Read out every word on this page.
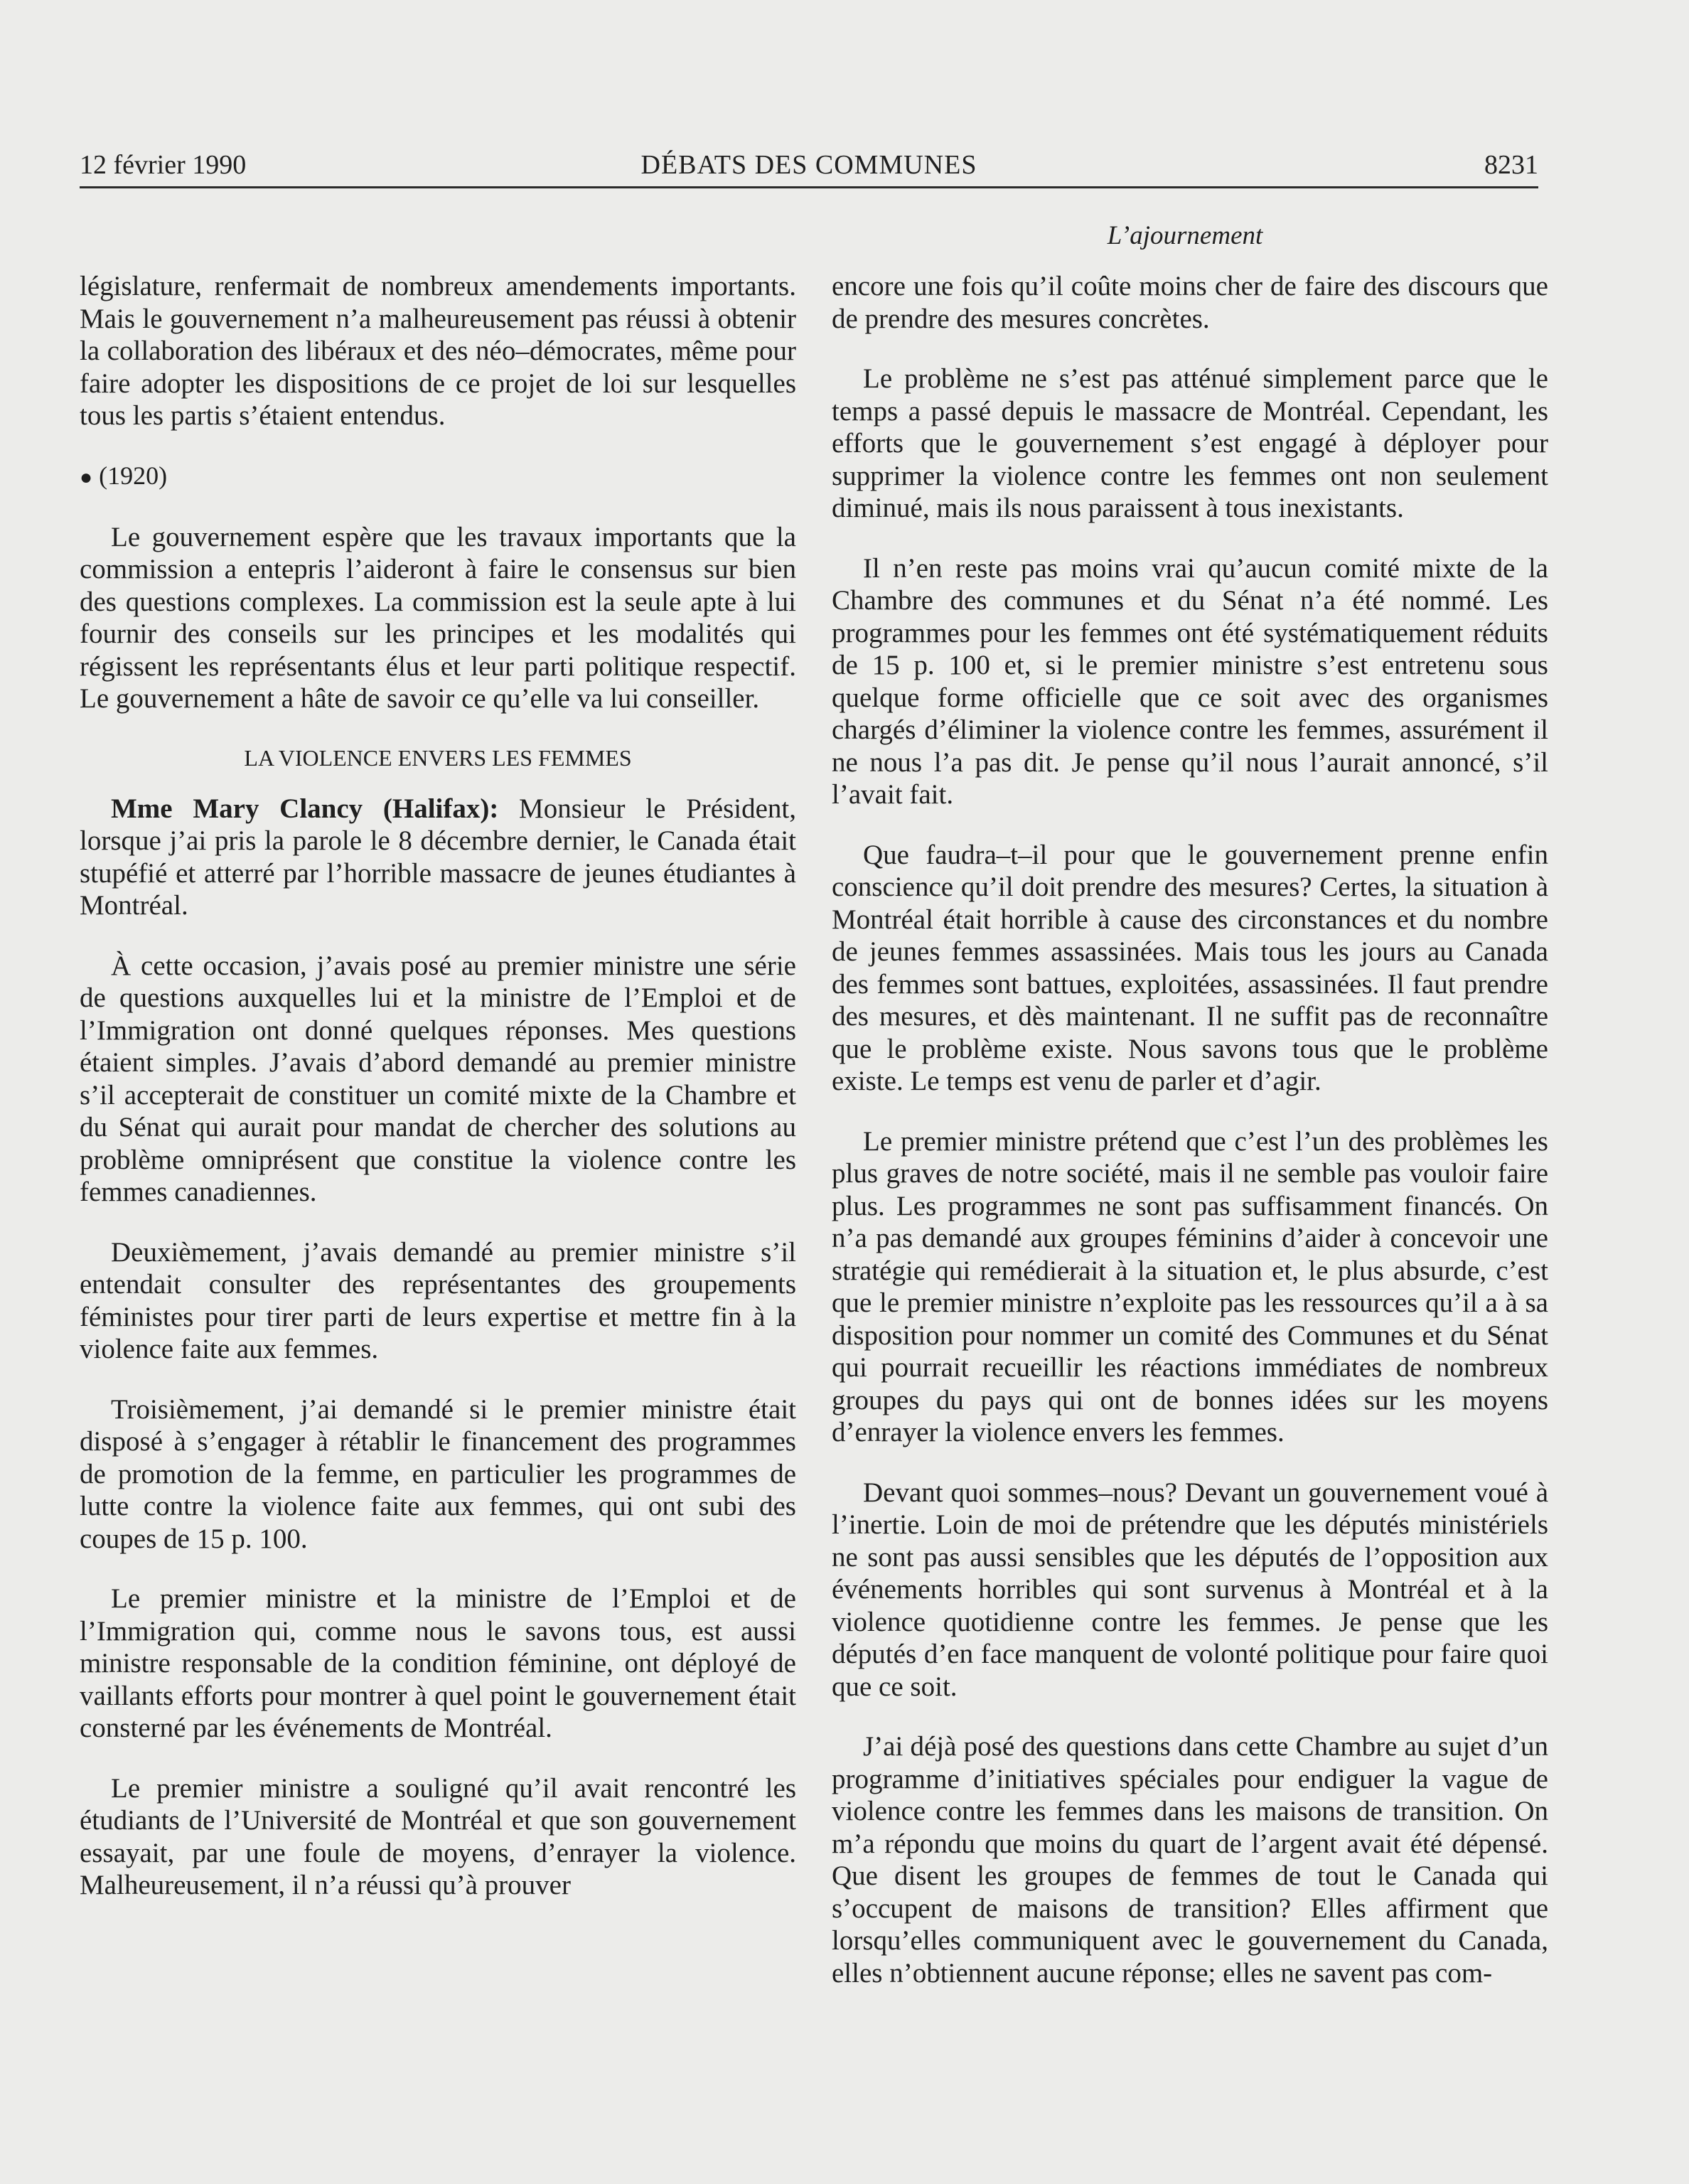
12 février 1990	DÉBATS DES COMMUNES	8231
L’ajournement

législature, renfermait de nombreux amendements importants. Mais le gouvernement n’a malheureusement pas réussi à obtenir la collaboration des libéraux et des néo–démocrates, même pour faire adopter les dispositions de ce projet de loi sur lesquelles tous les partis s’étaient entendus.

● (1920)

Le gouvernement espère que les travaux importants que la commission a entepris l’aideront à faire le consensus sur bien des questions complexes. La commission est la seule apte à lui fournir des conseils sur les principes et les modalités qui régissent les représentants élus et leur parti politique respectif. Le gouvernement a hâte de savoir ce qu’elle va lui conseiller.

LA VIOLENCE ENVERS LES FEMMES

Mme Mary Clancy (Halifax): Monsieur le Président, lorsque j’ai pris la parole le 8 décembre dernier, le Canada était stupéfié et atterré par l’horrible massacre de jeunes étudiantes à Montréal.

À cette occasion, j’avais posé au premier ministre une série de questions auxquelles lui et la ministre de l’Emploi et de l’Immigration ont donné quelques réponses. Mes questions étaient simples. J’avais d’abord demandé au premier ministre s’il accepterait de constituer un comité mixte de la Chambre et du Sénat qui aurait pour mandat de chercher des solutions au problème omniprésent que constitue la violence contre les femmes canadiennes.

Deuxièmement, j’avais demandé au premier ministre s’il entendait consulter des représentantes des groupements féministes pour tirer parti de leurs expertise et mettre fin à la violence faite aux femmes.

Troisièmement, j’ai demandé si le premier ministre était disposé à s’engager à rétablir le financement des programmes de promotion de la femme, en particulier les programmes de lutte contre la violence faite aux femmes, qui ont subi des coupes de 15 p. 100.

Le premier ministre et la ministre de l’Emploi et de l’Immigration qui, comme nous le savons tous, est aussi ministre responsable de la condition féminine, ont déployé de vaillants efforts pour montrer à quel point le gouvernement était consterné par les événements de Montréal.

Le premier ministre a souligné qu’il avait rencontré les étudiants de l’Université de Montréal et que son gouvernement essayait, par une foule de moyens, d’enrayer la violence. Malheureusement, il n’a réussi qu’à prouver

encore une fois qu’il coûte moins cher de faire des discours que de prendre des mesures concrètes.

Le problème ne s’est pas atténué simplement parce que le temps a passé depuis le massacre de Montréal. Cependant, les efforts que le gouvernement s’est engagé à déployer pour supprimer la violence contre les femmes ont non seulement diminué, mais ils nous paraissent à tous inexistants.

Il n’en reste pas moins vrai qu’aucun comité mixte de la Chambre des communes et du Sénat n’a été nommé. Les programmes pour les femmes ont été systématiquement réduits de 15 p. 100 et, si le premier ministre s’est entretenu sous quelque forme officielle que ce soit avec des organismes chargés d’éliminer la violence contre les femmes, assurément il ne nous l’a pas dit. Je pense qu’il nous l’aurait annoncé, s’il l’avait fait.

Que faudra–t–il pour que le gouvernement prenne enfin conscience qu’il doit prendre des mesures? Certes, la situation à Montréal était horrible à cause des circonstances et du nombre de jeunes femmes assassinées. Mais tous les jours au Canada des femmes sont battues, exploitées, assassinées. Il faut prendre des mesures, et dès maintenant. Il ne suffit pas de reconnaître que le problème existe. Nous savons tous que le problème existe. Le temps est venu de parler et d’agir.

Le premier ministre prétend que c’est l’un des problèmes les plus graves de notre société, mais il ne semble pas vouloir faire plus. Les programmes ne sont pas suffisamment financés. On n’a pas demandé aux groupes féminins d’aider à concevoir une stratégie qui remédierait à la situation et, le plus absurde, c’est que le premier ministre n’exploite pas les ressources qu’il a à sa disposition pour nommer un comité des Communes et du Sénat qui pourrait recueillir les réactions immédiates de nombreux groupes du pays qui ont de bonnes idées sur les moyens d’enrayer la violence envers les femmes.

Devant quoi sommes–nous? Devant un gouvernement voué à l’inertie. Loin de moi de prétendre que les députés ministériels ne sont pas aussi sensibles que les députés de l’opposition aux événements horribles qui sont survenus à Montréal et à la violence quotidienne contre les femmes. Je pense que les députés d’en face manquent de volonté politique pour faire quoi que ce soit.

J’ai déjà posé des questions dans cette Chambre au sujet d’un programme d’initiatives spéciales pour endiguer la vague de violence contre les femmes dans les maisons de transition. On m’a répondu que moins du quart de l’argent avait été dépensé. Que disent les groupes de femmes de tout le Canada qui s’occupent de maisons de transition? Elles affirment que lorsqu’elles communiquent avec le gouvernement du Canada, elles n’obtiennent aucune réponse; elles ne savent pas com-
